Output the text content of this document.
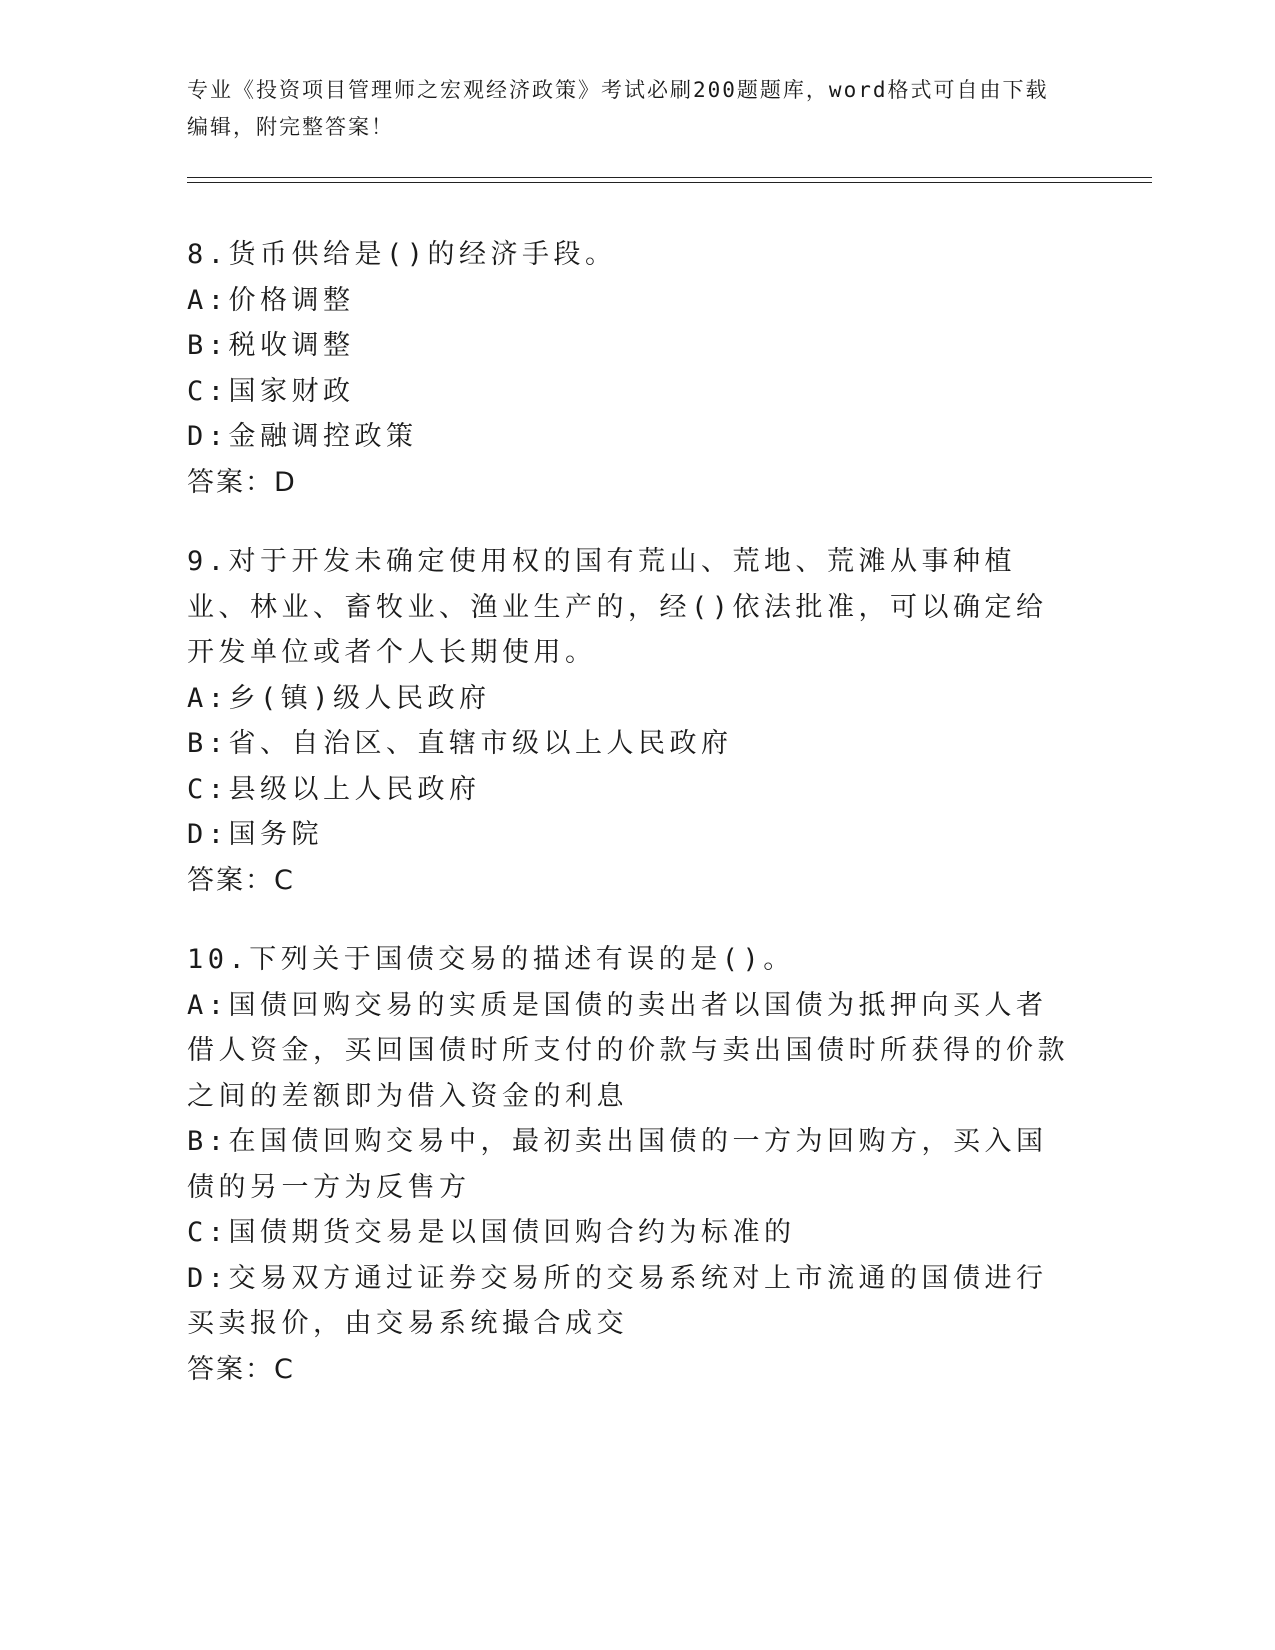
专业《投资项目管理师之宏观经济政策》考试必刷200题题库，word格式可自由下载编辑，附完整答案！
8.货币供给是()的经济手段。
A:价格调整
B:税收调整
C:国家财政
D:金融调控政策
答案：D
9.对于开发未确定使用权的国有荒山、荒地、荒滩从事种植业、林业、畜牧业、渔业生产的，经()依法批准，可以确定给开发单位或者个人长期使用。
A:乡(镇)级人民政府
B:省、自治区、直辖市级以上人民政府
C:县级以上人民政府
D:国务院
答案：C
10.下列关于国债交易的描述有误的是()。
A:国债回购交易的实质是国债的卖出者以国债为抵押向买人者借人资金，买回国债时所支付的价款与卖出国债时所获得的价款之间的差额即为借入资金的利息
B:在国债回购交易中，最初卖出国债的一方为回购方，买入国债的另一方为反售方
C:国债期货交易是以国债回购合约为标准的
D:交易双方通过证券交易所的交易系统对上市流通的国债进行买卖报价，由交易系统撮合成交
答案：C
